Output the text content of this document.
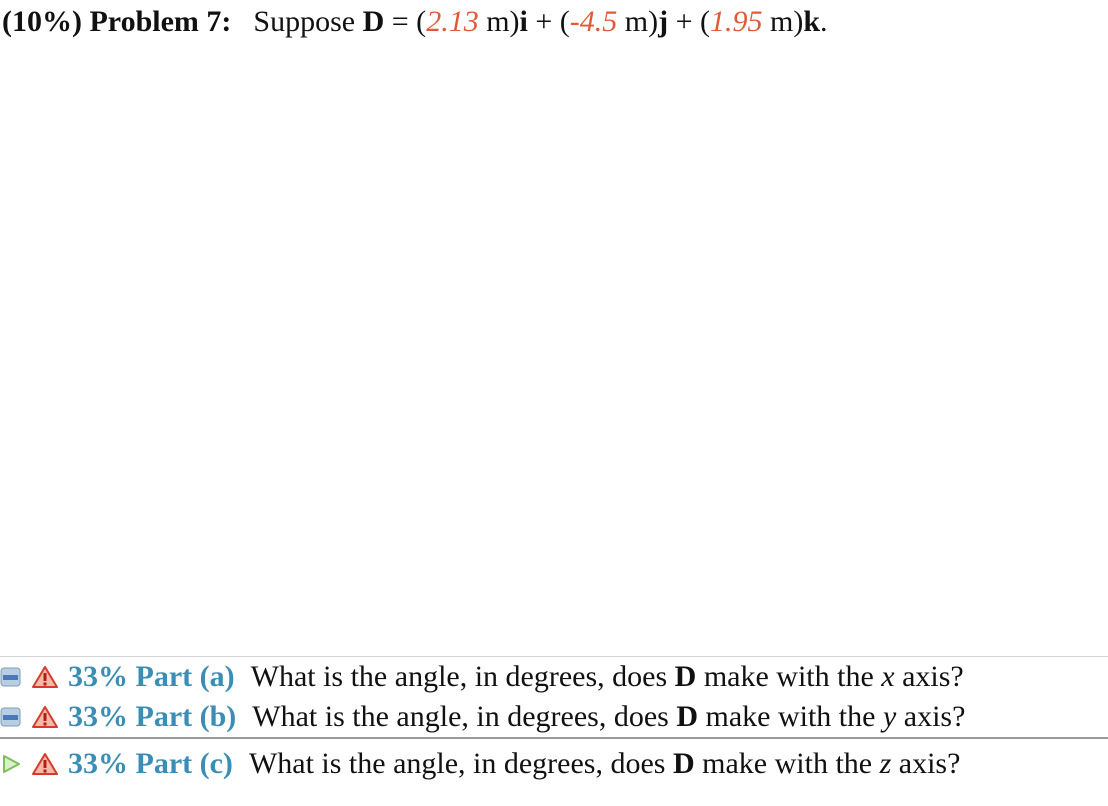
(10%) Problem 7: Suppose D = (2.13 m)i + (-4.5 m)j + (1.95 m)k.
33% Part (a) What is the angle, in degrees, does D make with the x axis?
33% Part (b) What is the angle, in degrees, does D make with the y axis?
33% Part (c) What is the angle, in degrees, does D make with the z axis?
